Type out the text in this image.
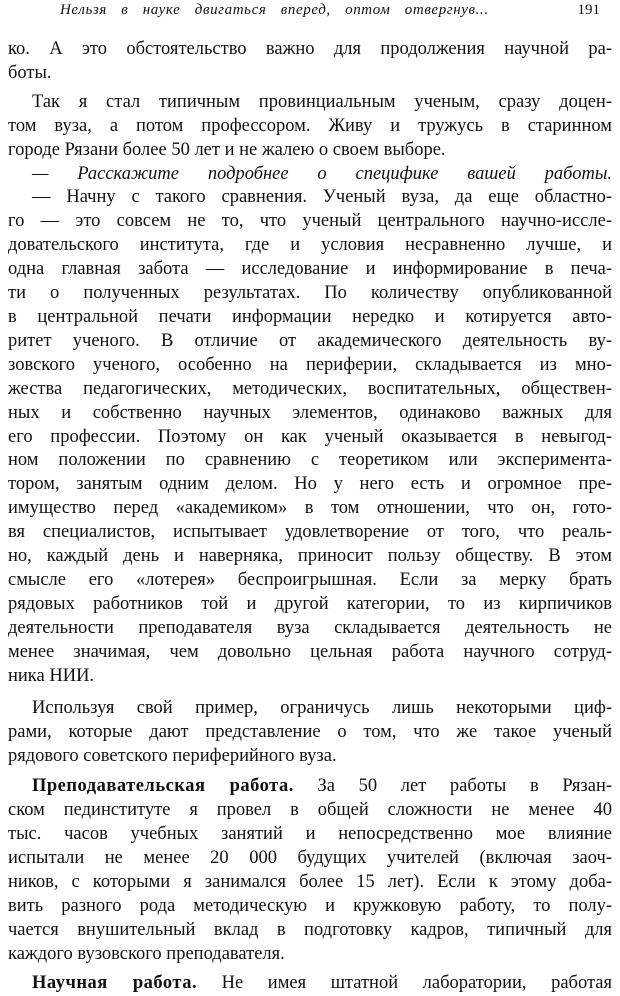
Нельзя в науке двигаться вперед, оптом отвергнув...	191

ко. А это обстоятельство важно для продолжения научной ра-
боты.

Так я стал типичным провинциальным ученым, сразу доцен-
том вуза, а потом профессором. Живу и тружусь в старинном
городе Рязани более 50 лет и не жалею о своем выборе.

— Расскажите подробнее о специфике вашей работы.

— Начну с такого сравнения. Ученый вуза, да еще областно-
го — это совсем не то, что ученый центрального научно-иссле-
довательского института, где и условия несравненно лучше, и
одна главная забота — исследование и информирование в печа-
ти о полученных результатах. По количеству опубликованной
в центральной печати информации нередко и котируется авто-
ритет ученого. В отличие от академического деятельность ву-
зовского ученого, особенно на периферии, складывается из мно-
жества педагогических, методических, воспитательных, обществен-
ных и собственно научных элементов, одинаково важных для
его профессии. Поэтому он как ученый оказывается в невыгод-
ном положении по сравнению с теоретиком или эксперимента-
тором, занятым одним делом. Но у него есть и огромное пре-
имущество перед «академиком» в том отношении, что он, гото-
вя специалистов, испытывает удовлетворение от того, что реаль-
но, каждый день и наверняка, приносит пользу обществу. В этом
смысле его «лотерея» беспроигрышная. Если за мерку брать
рядовых работников той и другой категории, то из кирпичиков
деятельности преподавателя вуза складывается деятельность не
менее значимая, чем довольно цельная работа научного сотруд-
ника НИИ.

Используя свой пример, ограничусь лишь некоторыми циф-
рами, которые дают представление о том, что же такое ученый
рядового советского периферийного вуза.

Преподавательская работа. За 50 лет работы в Рязан-
ском пединституте я провел в общей сложности не менее 40
тыс. часов учебных занятий и непосредственно мое влияние
испытали не менее 20 000 будущих учителей (включая заоч-
ников, с которыми я занимался более 15 лет). Если к этому доба-
вить разного рода методическую и кружковую работу, то полу-
чается внушительный вклад в подготовку кадров, типичный для
каждого вузовского преподавателя.

Научная работа. Не имея штатной лаборатории, работая
